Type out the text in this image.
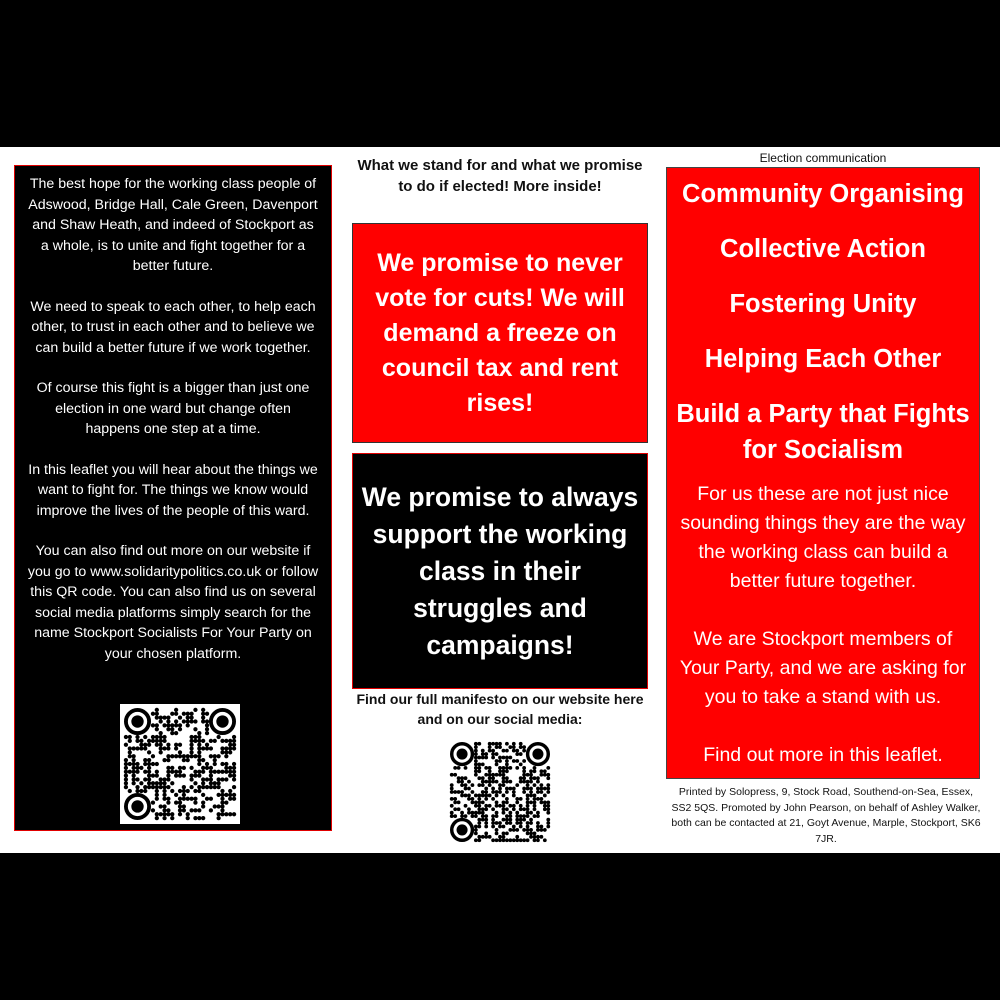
The best hope for the working class people of Adswood, Bridge Hall, Cale Green, Davenport and Shaw Heath, and indeed of Stockport as a whole, is to unite and fight together for a better future.

We need to speak to each other, to help each other, to trust in each other and to believe we can build a better future if we work together.

Of course this fight is a bigger than just one election in one ward but change often happens one step at a time.

In this leaflet you will hear about the things we want to fight for. The things we know would improve the lives of the people of this ward.

You can also find out more on our website if you go to www.solidaritypolitics.co.uk or follow this QR code. You can also find us on several social media platforms simply search for the name Stockport Socialists For Your Party on your chosen platform.

What we stand for and what we promise to do if elected! More inside!
We promise to never vote for cuts! We will demand a freeze on council tax and rent rises!
We promise to always support the working class in their struggles and campaigns!
Find our full manifesto on our website here and on our social media:
Election communication
Community Organising
Collective Action
Fostering Unity
Helping Each Other
Build a Party that Fights for Socialism

For us these are not just nice sounding things they are the way the working class can build a better future together.

We are Stockport members of Your Party, and we are asking for you to take a stand with us.

Find out more in this leaflet.

Printed by Solopress, 9, Stock Road, Southend-on-Sea, Essex, SS2 5QS. Promoted by John Pearson, on behalf of Ashley Walker, both can be contacted at 21, Goyt Avenue, Marple, Stockport, SK6 7JR.
